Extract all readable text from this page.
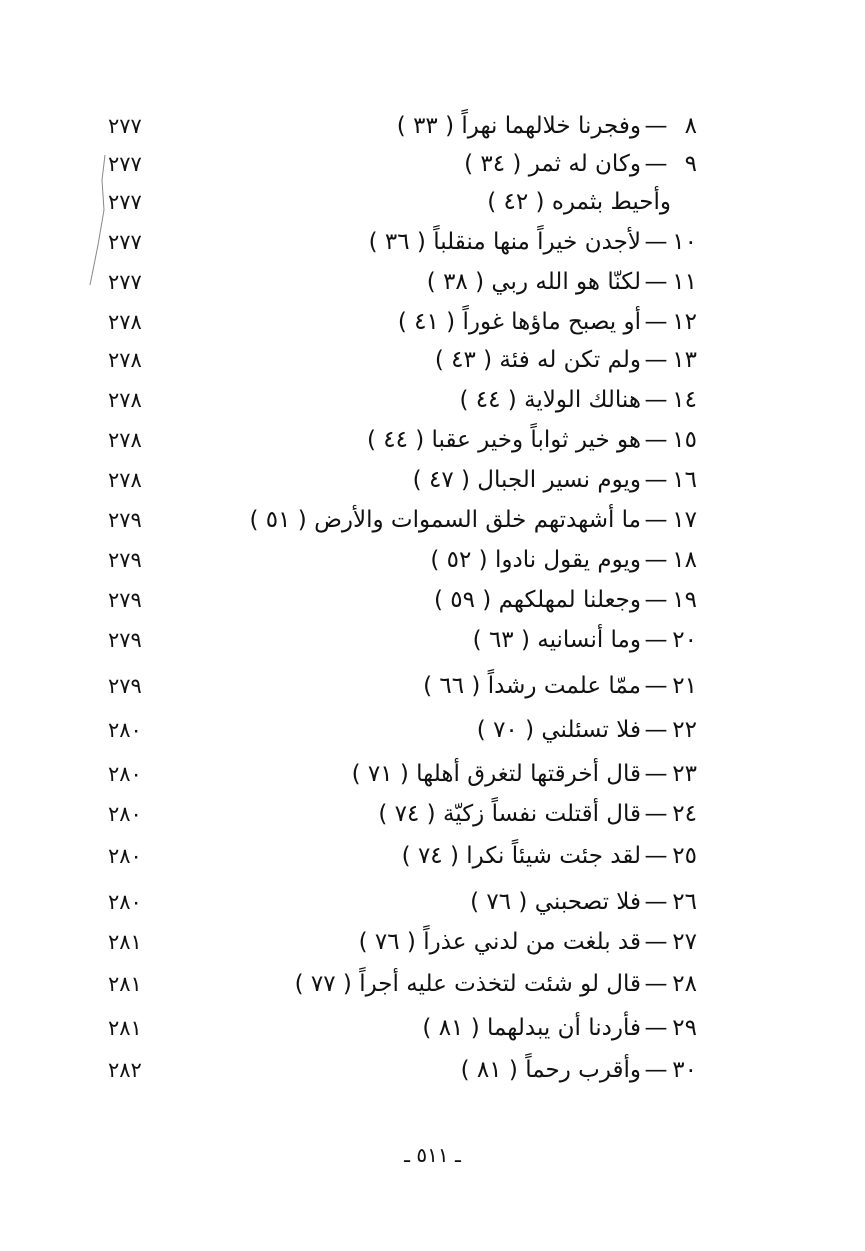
٨—وفجرنا خلالهما نهراً ( ٣٣ )
٢٧٧
٩—وكان له ثمر ( ٣٤ )
٢٧٧
وأحيط بثمره ( ٤٢ )
٢٧٧
١٠—لأجدن خيراً منها منقلباً ( ٣٦ )
٢٧٧
١١—لكنّا هو الله ربي ( ٣٨ )
٢٧٧
١٢—أو يصبح ماؤها غوراً ( ٤١ )
٢٧٨
١٣—ولم تكن له فئة ( ٤٣ )
٢٧٨
١٤—هنالك الولاية ( ٤٤ )
٢٧٨
١٥—هو خير ثواباً وخير عقبا ( ٤٤ )
٢٧٨
١٦—ويوم نسير الجبال ( ٤٧ )
٢٧٨
١٧—ما أشهدتهم خلق السموات والأرض ( ٥١ )
٢٧٩
١٨—ويوم يقول نادوا ( ٥٢ )
٢٧٩
١٩—وجعلنا لمهلكهم ( ٥٩ )
٢٧٩
٢٠—وما أنسانيه ( ٦٣ )
٢٧٩
٢١—ممّا علمت رشداً ( ٦٦ )
٢٧٩
٢٢—فلا تسئلني ( ٧٠ )
٢٨٠
٢٣—قال أخرقتها لتغرق أهلها ( ٧١ )
٢٨٠
٢٤—قال أقتلت نفساً زكيّة ( ٧٤ )
٢٨٠
٢٥—لقد جئت شيئاً نكرا ( ٧٤ )
٢٨٠
٢٦—فلا تصحبني ( ٧٦ )
٢٨٠
٢٧—قد بلغت من لدني عذراً ( ٧٦ )
٢٨١
٢٨—قال لو شئت لتخذت عليه أجراً ( ٧٧ )
٢٨١
٢٩—فأردنا أن يبدلهما ( ٨١ )
٢٨١
٣٠—وأقرب رحماً ( ٨١ )
٢٨٢
ـ ٥١١ ـ
